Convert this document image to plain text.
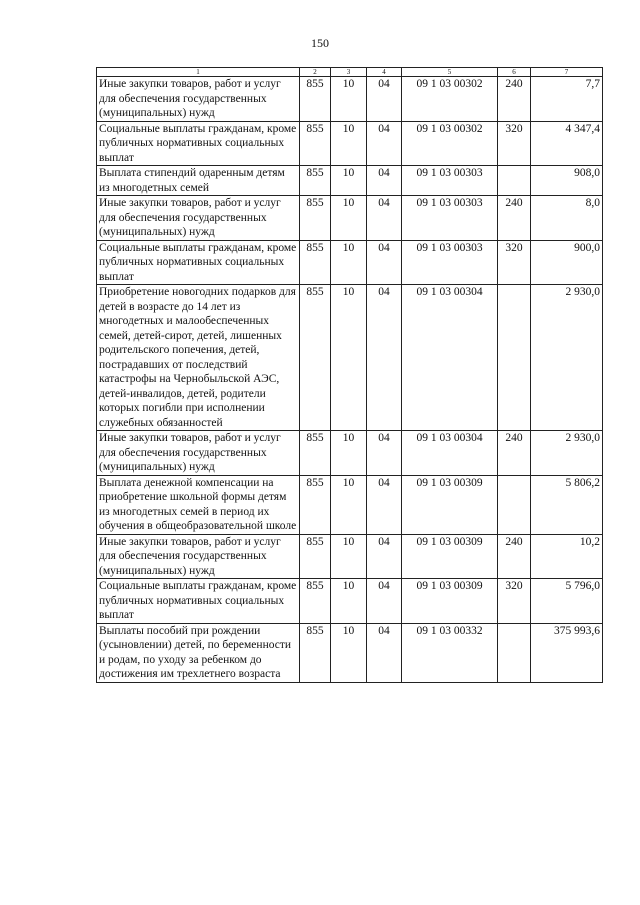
150
1	2	3	4	5	6	7
Иные закупки товаров, работ и услуг для обеспечения государственных (муниципальных) нужд	855	10	04	09 1 03 00302	240	7,7
Социальные выплаты гражданам, кроме публичных нормативных социальных выплат	855	10	04	09 1 03 00302	320	4 347,4
Выплата стипендий одаренным детям из многодетных семей	855	10	04	09 1 03 00303		908,0
Иные закупки товаров, работ и услуг для обеспечения государственных (муниципальных) нужд	855	10	04	09 1 03 00303	240	8,0
Социальные выплаты гражданам, кроме публичных нормативных социальных выплат	855	10	04	09 1 03 00303	320	900,0
Приобретение новогодних подарков для детей в возрасте до 14 лет из многодетных и малообеспеченных семей, детей-сирот, детей, лишенных родительского попечения, детей, пострадавших от последствий катастрофы на Чернобыльской АЭС, детей-инвалидов, детей, родители которых погибли при исполнении служебных обязанностей	855	10	04	09 1 03 00304		2 930,0
Иные закупки товаров, работ и услуг для обеспечения государственных (муниципальных) нужд	855	10	04	09 1 03 00304	240	2 930,0
Выплата денежной компенсации на приобретение школьной формы детям из многодетных семей в период их обучения в общеобразовательной школе	855	10	04	09 1 03 00309		5 806,2
Иные закупки товаров, работ и услуг для обеспечения государственных (муниципальных) нужд	855	10	04	09 1 03 00309	240	10,2
Социальные выплаты гражданам, кроме публичных нормативных социальных выплат	855	10	04	09 1 03 00309	320	5 796,0
Выплаты пособий при рождении (усыновлении) детей, по беременности и родам, по уходу за ребенком до достижения им трехлетнего возраста	855	10	04	09 1 03 00332		375 993,6
